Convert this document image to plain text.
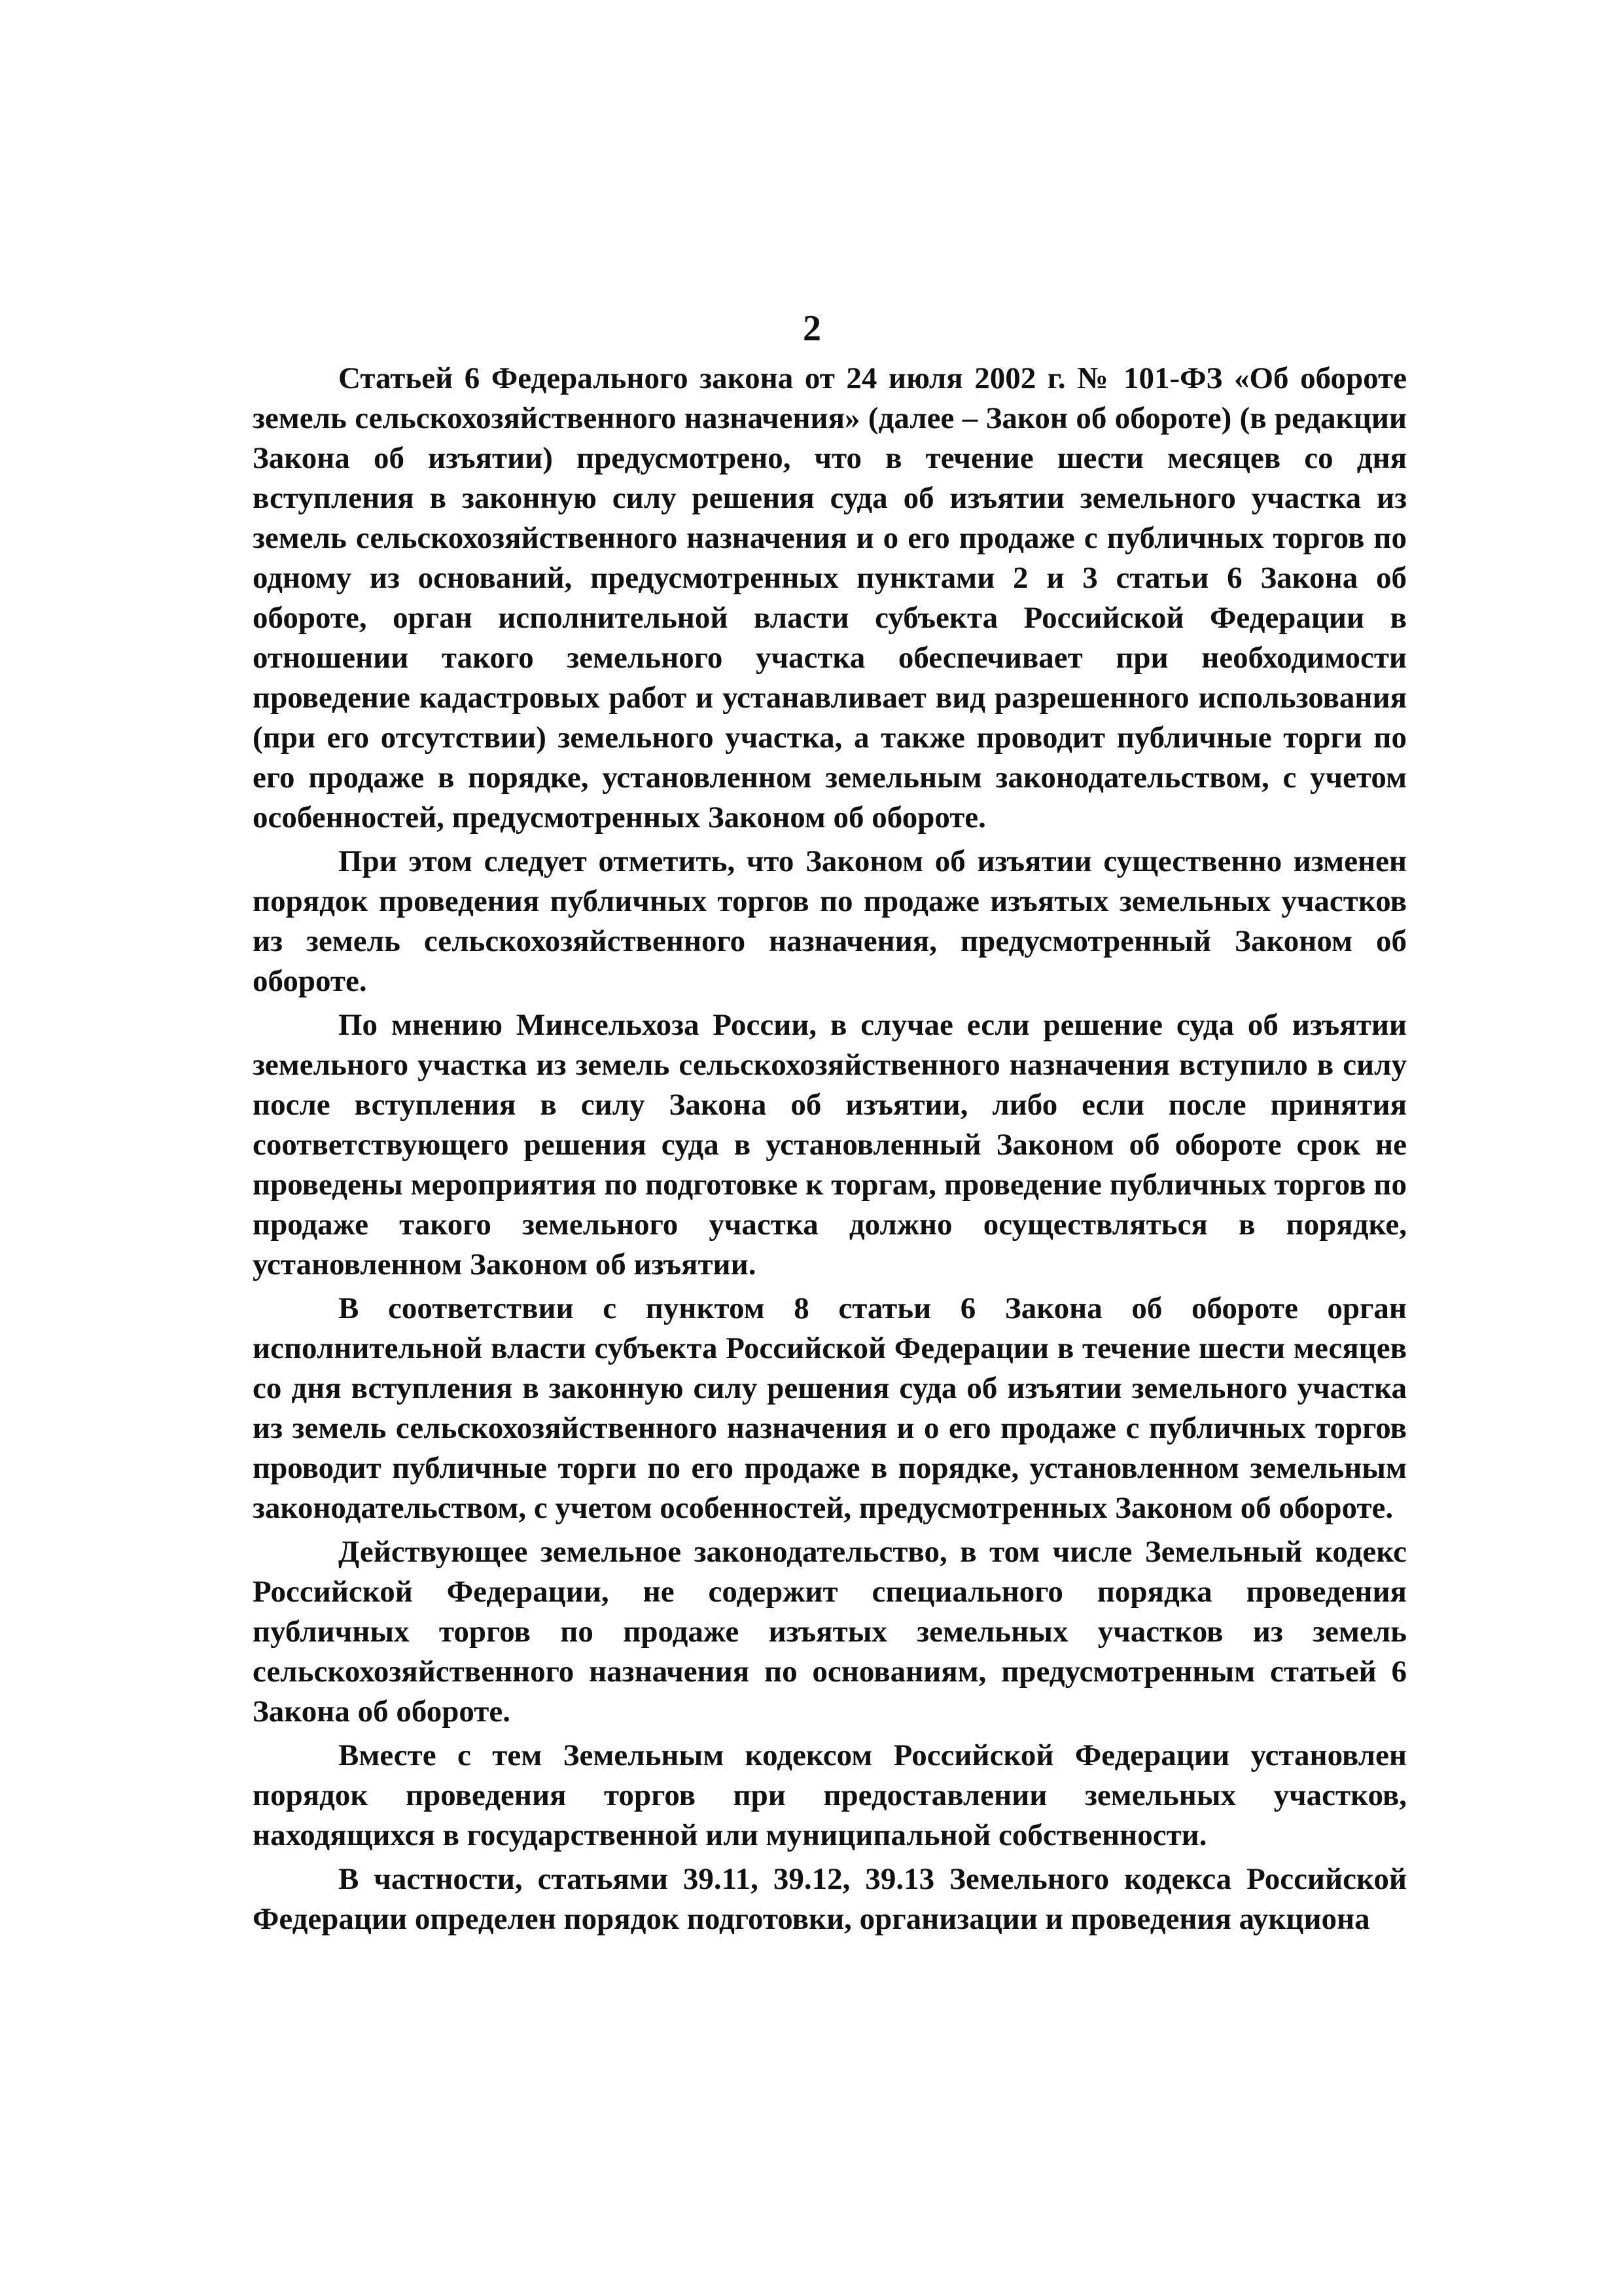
2

Статьей 6 Федерального закона от 24 июля 2002 г. № 101-ФЗ «Об обороте земель сельскохозяйственного назначения» (далее – Закон об обороте) (в редакции Закона об изъятии) предусмотрено, что в течение шести месяцев со дня вступления в законную силу решения суда об изъятии земельного участка из земель сельскохозяйственного назначения и о его продаже с публичных торгов по одному из оснований, предусмотренных пунктами 2 и 3 статьи 6 Закона об обороте, орган исполнительной власти субъекта Российской Федерации в отношении такого земельного участка обеспечивает при необходимости проведение кадастровых работ и устанавливает вид разрешенного использования (при его отсутствии) земельного участка, а также проводит публичные торги по его продаже в порядке, установленном земельным законодательством, с учетом особенностей, предусмотренных Законом об обороте.

При этом следует отметить, что Законом об изъятии существенно изменен порядок проведения публичных торгов по продаже изъятых земельных участков из земель сельскохозяйственного назначения, предусмотренный Законом об обороте.

По мнению Минсельхоза России, в случае если решение суда об изъятии земельного участка из земель сельскохозяйственного назначения вступило в силу после вступления в силу Закона об изъятии, либо если после принятия соответствующего решения суда в установленный Законом об обороте срок не проведены мероприятия по подготовке к торгам, проведение публичных торгов по продаже такого земельного участка должно осуществляться в порядке, установленном Законом об изъятии.

В соответствии с пунктом 8 статьи 6 Закона об обороте орган исполнительной власти субъекта Российской Федерации в течение шести месяцев со дня вступления в законную силу решения суда об изъятии земельного участка из земель сельскохозяйственного назначения и о его продаже с публичных торгов проводит публичные торги по его продаже в порядке, установленном земельным законодательством, с учетом особенностей, предусмотренных Законом об обороте.

Действующее земельное законодательство, в том числе Земельный кодекс Российской Федерации, не содержит специального порядка проведения публичных торгов по продаже изъятых земельных участков из земель сельскохозяйственного назначения по основаниям, предусмотренным статьей 6 Закона об обороте.

Вместе с тем Земельным кодексом Российской Федерации установлен порядок проведения торгов при предоставлении земельных участков, находящихся в государственной или муниципальной собственности.

В частности, статьями 39.11, 39.12, 39.13 Земельного кодекса Российской Федерации определен порядок подготовки, организации и проведения аукциона
